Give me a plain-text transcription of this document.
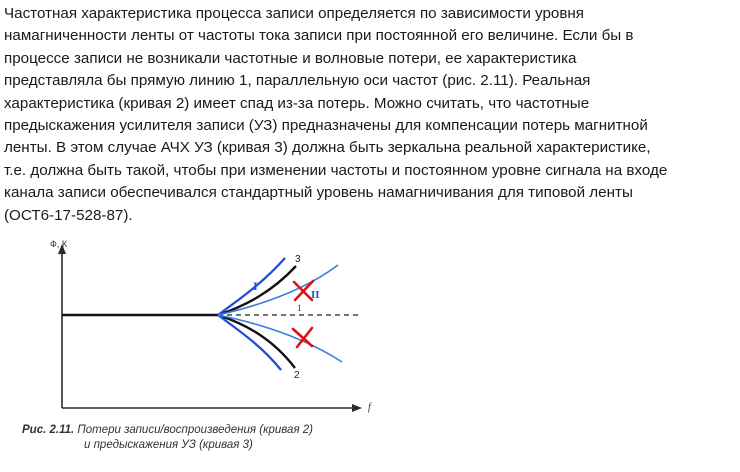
Частотная характеристика процесса записи определяется по зависимости уровня
намагниченности ленты от частоты тока записи при постоянной его величине. Если бы в
процессе записи не возникали частотные и волновые потери, ее характеристика
представляла бы прямую линию 1, параллельную оси частот (рис. 2.11). Реальная
характеристика (кривая 2) имеет спад из-за потерь. Можно считать, что частотные
предыскажения усилителя записи (УЗ) предназначены для компенсации потерь магнитной
ленты. В этом случае АЧХ УЗ (кривая 3) должна быть зеркальна реальной характеристике,
т.е. должна быть такой, чтобы при изменении частоты и постоянном уровне сигнала на входе
канала записи обеспечивался стандартный уровень намагничивания для типовой ленты
(ОСТ6-17-528-87).

Ф, К
f
1
3
2
I
II
Рис. 2.11. Потери записи/воспроизведения (кривая 2)
и предыскажения УЗ (кривая 3)
